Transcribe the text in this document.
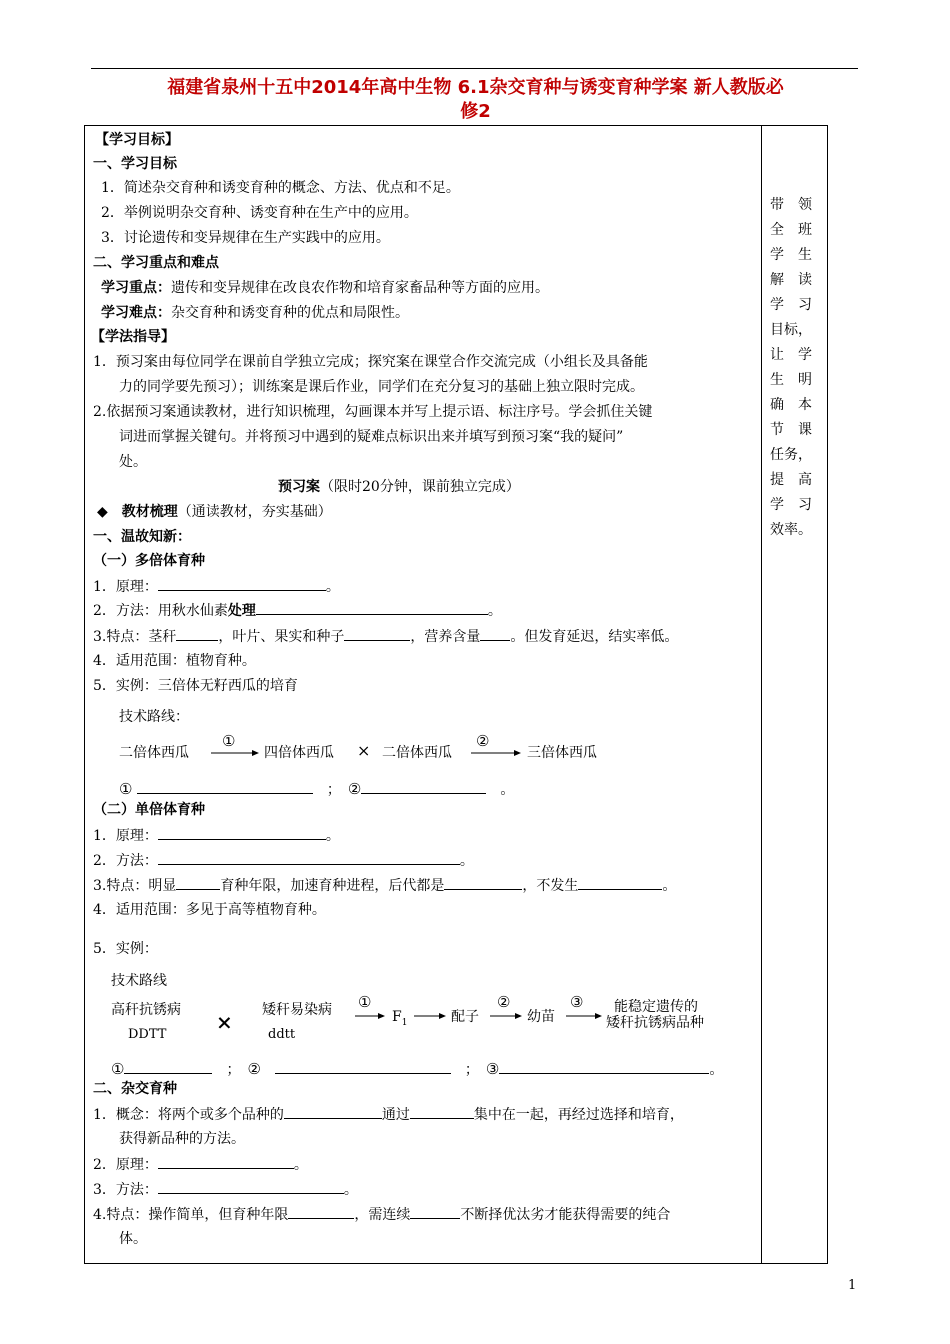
福建省泉州十五中2014年高中生物 6.1杂交育种与诱变育种学案 新人教版必
修2
带　领
全　班
学　生
解　读
学　习
目标，
让　学
生　明
确　本
节　课
任务，
提　高
学　习
效率。
【学习目标】
一、学习目标
1．简述杂交育种和诱变育种的概念、方法、优点和不足。
2．举例说明杂交育种、诱变育种在生产中的应用。
3．讨论遗传和变异规律在生产实践中的应用。
二、学习重点和难点
学习重点：遗传和变异规律在改良农作物和培育家畜品种等方面的应用。
学习难点：杂交育种和诱变育种的优点和局限性。
【学法指导】
1．预习案由每位同学在课前自学独立完成；探究案在课堂合作交流完成（小组长及具备能
力的同学要先预习）；训练案是课后作业，同学们在充分复习的基础上独立限时完成。
2.依据预习案通读教材，进行知识梳理，勾画课本并写上提示语、标注序号。学会抓住关键
词进而掌握关键句。并将预习中遇到的疑难点标识出来并填写到预习案“我的疑问”
处。
预习案（限时20分钟，课前独立完成）
◆　教材梳理（通读教材，夯实基础）
一、温故知新：
（一）多倍体育种
1．原理：	。
2．方法：用秋水仙素处理	。
3.特点：茎秆	，叶片、果实和种子	，营养含量 。但发育延迟，结实率低。
4．适用范围：植物育种。
5．实例：三倍体无籽西瓜的培育
技术路线：
二倍体西瓜
①
四倍体西瓜 × 二倍体西瓜
②
三倍体西瓜
① 　	；　 ②　	。
（二）单倍体育种
1．原理：	。
2．方法：	。
3.特点：明显	育种年限，加速育种进程，后代都是	，不发生	。
4．适用范围：多见于高等植物育种。
5．实例：
技术路线
高秆抗锈病
DDTT
× 矮秆易染病
ddtt
①
$F_1$	配子
②
幼苗
③ 能稳定遗传的
矮秆抗锈病品种
①　	；　 ②　　	；　 ③	。
二、杂交育种
1．概念：将两个或多个品种的	通过	集中在一起，再经过选择和培育，
获得新品种的方法。
2．原理：	。
3．方法：	。
4.特点：操作简单，但育种年限	，需连续	不断择优汰劣才能获得需要的纯合
体。
1
